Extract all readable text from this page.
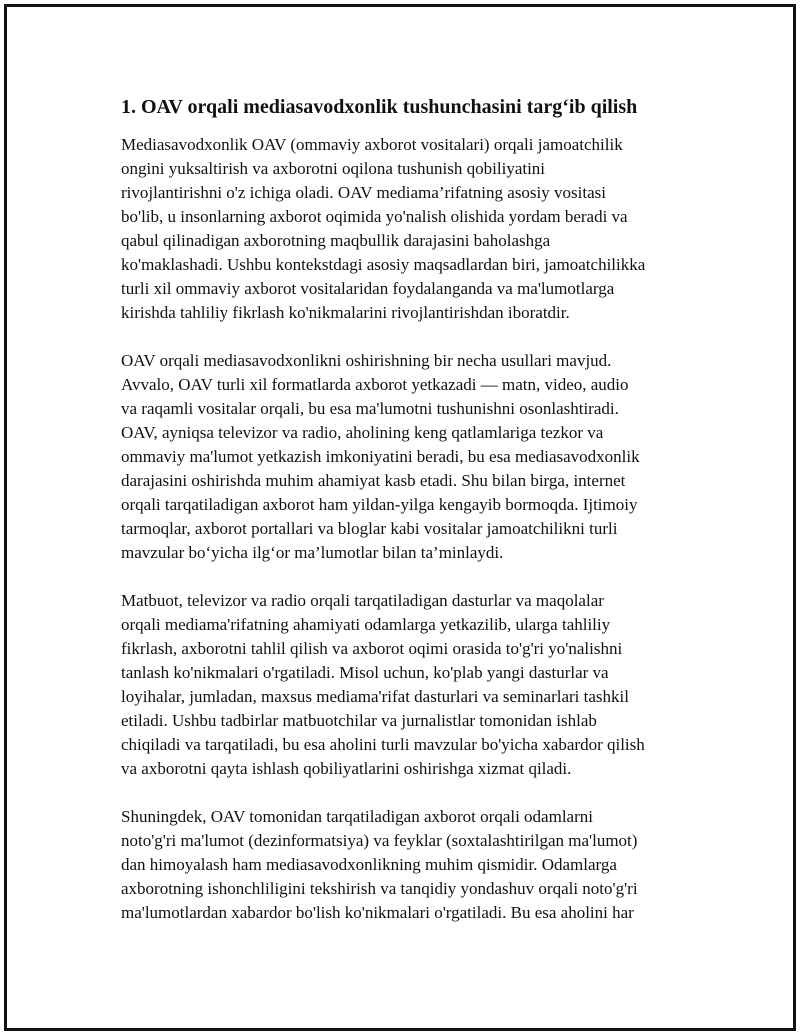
1. OAV orqali mediasavodxonlik tushunchasini targ‘ib qilish

Mediasavodxonlik OAV (ommaviy axborot vositalari) orqali jamoatchilik
ongini yuksaltirish va axborotni oqilona tushunish qobiliyatini
rivojlantirishni o'z ichiga oladi. OAV mediama’rifatning asosiy vositasi
bo'lib, u insonlarning axborot oqimida yo'nalish olishida yordam beradi va
qabul qilinadigan axborotning maqbullik darajasini baholashga
ko'maklashadi. Ushbu kontekstdagi asosiy maqsadlardan biri, jamoatchilikka
turli xil ommaviy axborot vositalaridan foydalanganda va ma'lumotlarga
kirishda tahliliy fikrlash ko'nikmalarini rivojlantirishdan iboratdir.

OAV orqali mediasavodxonlikni oshirishning bir necha usullari mavjud.
Avvalo, OAV turli xil formatlarda axborot yetkazadi — matn, video, audio
va raqamli vositalar orqali, bu esa ma'lumotni tushunishni osonlashtiradi.
OAV, ayniqsa televizor va radio, aholining keng qatlamlariga tezkor va
ommaviy ma'lumot yetkazish imkoniyatini beradi, bu esa mediasavodxonlik
darajasini oshirishda muhim ahamiyat kasb etadi. Shu bilan birga, internet
orqali tarqatiladigan axborot ham yildan-yilga kengayib bormoqda. Ijtimoiy
tarmoqlar, axborot portallari va bloglar kabi vositalar jamoatchilikni turli
mavzular bo‘yicha ilg‘or ma’lumotlar bilan ta’minlaydi.

Matbuot, televizor va radio orqali tarqatiladigan dasturlar va maqolalar
orqali mediama'rifatning ahamiyati odamlarga yetkazilib, ularga tahliliy
fikrlash, axborotni tahlil qilish va axborot oqimi orasida to'g'ri yo'nalishni
tanlash ko'nikmalari o'rgatiladi. Misol uchun, ko'plab yangi dasturlar va
loyihalar, jumladan, maxsus mediama'rifat dasturlari va seminarlari tashkil
etiladi. Ushbu tadbirlar matbuotchilar va jurnalistlar tomonidan ishlab
chiqiladi va tarqatiladi, bu esa aholini turli mavzular bo'yicha xabardor qilish
va axborotni qayta ishlash qobiliyatlarini oshirishga xizmat qiladi.

Shuningdek, OAV tomonidan tarqatiladigan axborot orqali odamlarni
noto'g'ri ma'lumot (dezinformatsiya) va feyklar (soxtalashtirilgan ma'lumot)
dan himoyalash ham mediasavodxonlikning muhim qismidir. Odamlarga
axborotning ishonchliligini tekshirish va tanqidiy yondashuv orqali noto'g'ri
ma'lumotlardan xabardor bo'lish ko'nikmalari o'rgatiladi. Bu esa aholini har
